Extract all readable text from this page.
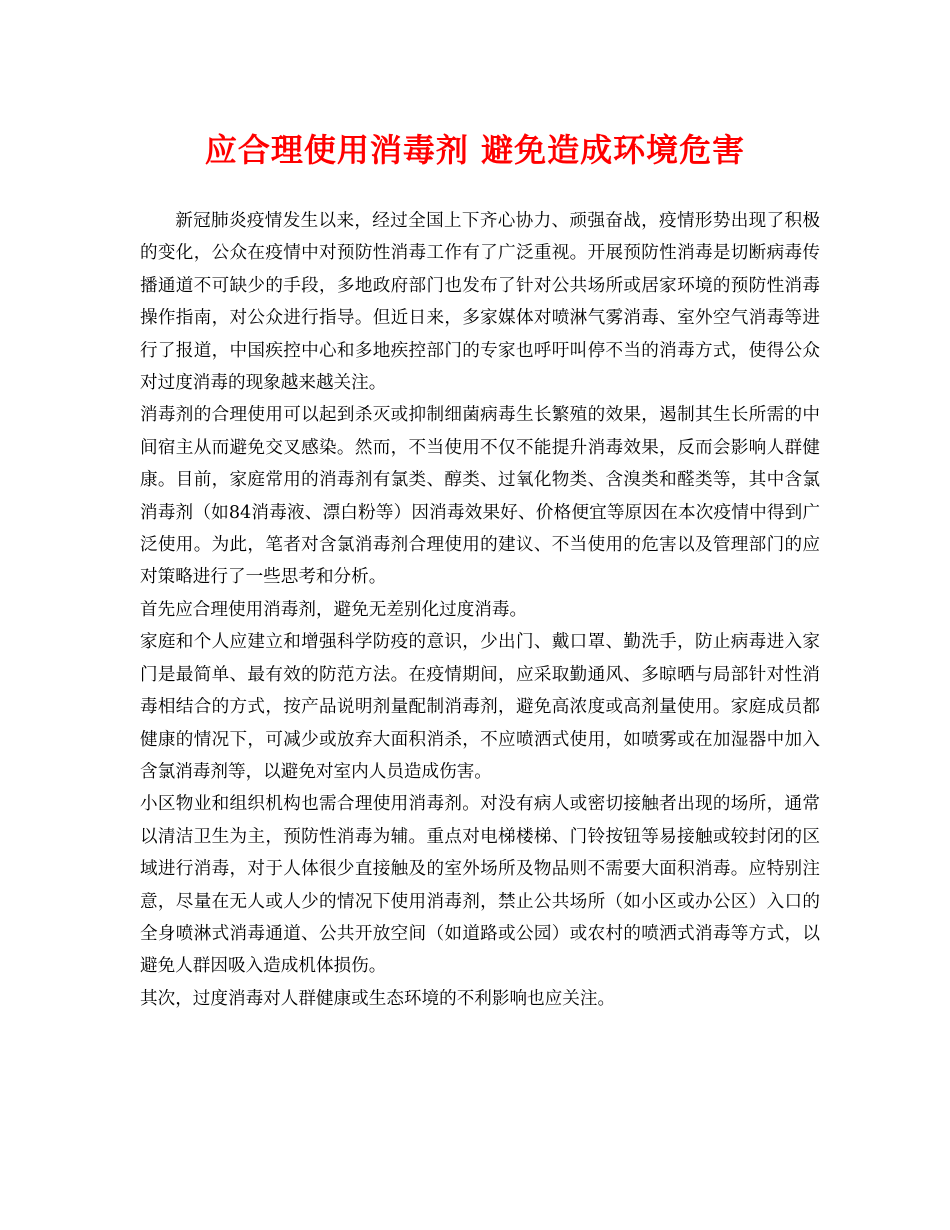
应合理使用消毒剂 避免造成环境危害

新冠肺炎疫情发生以来，经过全国上下齐心协力、顽强奋战，疫情形势出现了积极的变化，公众在疫情中对预防性消毒工作有了广泛重视。开展预防性消毒是切断病毒传播通道不可缺少的手段，多地政府部门也发布了针对公共场所或居家环境的预防性消毒操作指南，对公众进行指导。但近日来，多家媒体对喷淋气雾消毒、室外空气消毒等进行了报道，中国疾控中心和多地疾控部门的专家也呼吁叫停不当的消毒方式，使得公众对过度消毒的现象越来越关注。

消毒剂的合理使用可以起到杀灭或抑制细菌病毒生长繁殖的效果，遏制其生长所需的中间宿主从而避免交叉感染。然而，不当使用不仅不能提升消毒效果，反而会影响人群健康。目前，家庭常用的消毒剂有氯类、醇类、过氧化物类、含溴类和醛类等，其中含氯消毒剂（如84消毒液、漂白粉等）因消毒效果好、价格便宜等原因在本次疫情中得到广泛使用。为此，笔者对含氯消毒剂合理使用的建议、不当使用的危害以及管理部门的应对策略进行了一些思考和分析。

首先应合理使用消毒剂，避免无差别化过度消毒。

家庭和个人应建立和增强科学防疫的意识，少出门、戴口罩、勤洗手，防止病毒进入家门是最简单、最有效的防范方法。在疫情期间，应采取勤通风、多晾晒与局部针对性消毒相结合的方式，按产品说明剂量配制消毒剂，避免高浓度或高剂量使用。家庭成员都健康的情况下，可减少或放弃大面积消杀，不应喷洒式使用，如喷雾或在加湿器中加入含氯消毒剂等，以避免对室内人员造成伤害。

小区物业和组织机构也需合理使用消毒剂。对没有病人或密切接触者出现的场所，通常以清洁卫生为主，预防性消毒为辅。重点对电梯楼梯、门铃按钮等易接触或较封闭的区域进行消毒，对于人体很少直接触及的室外场所及物品则不需要大面积消毒。应特别注意，尽量在无人或人少的情况下使用消毒剂，禁止公共场所（如小区或办公区）入口的全身喷淋式消毒通道、公共开放空间（如道路或公园）或农村的喷洒式消毒等方式，以避免人群因吸入造成机体损伤。

其次，过度消毒对人群健康或生态环境的不利影响也应关注。
